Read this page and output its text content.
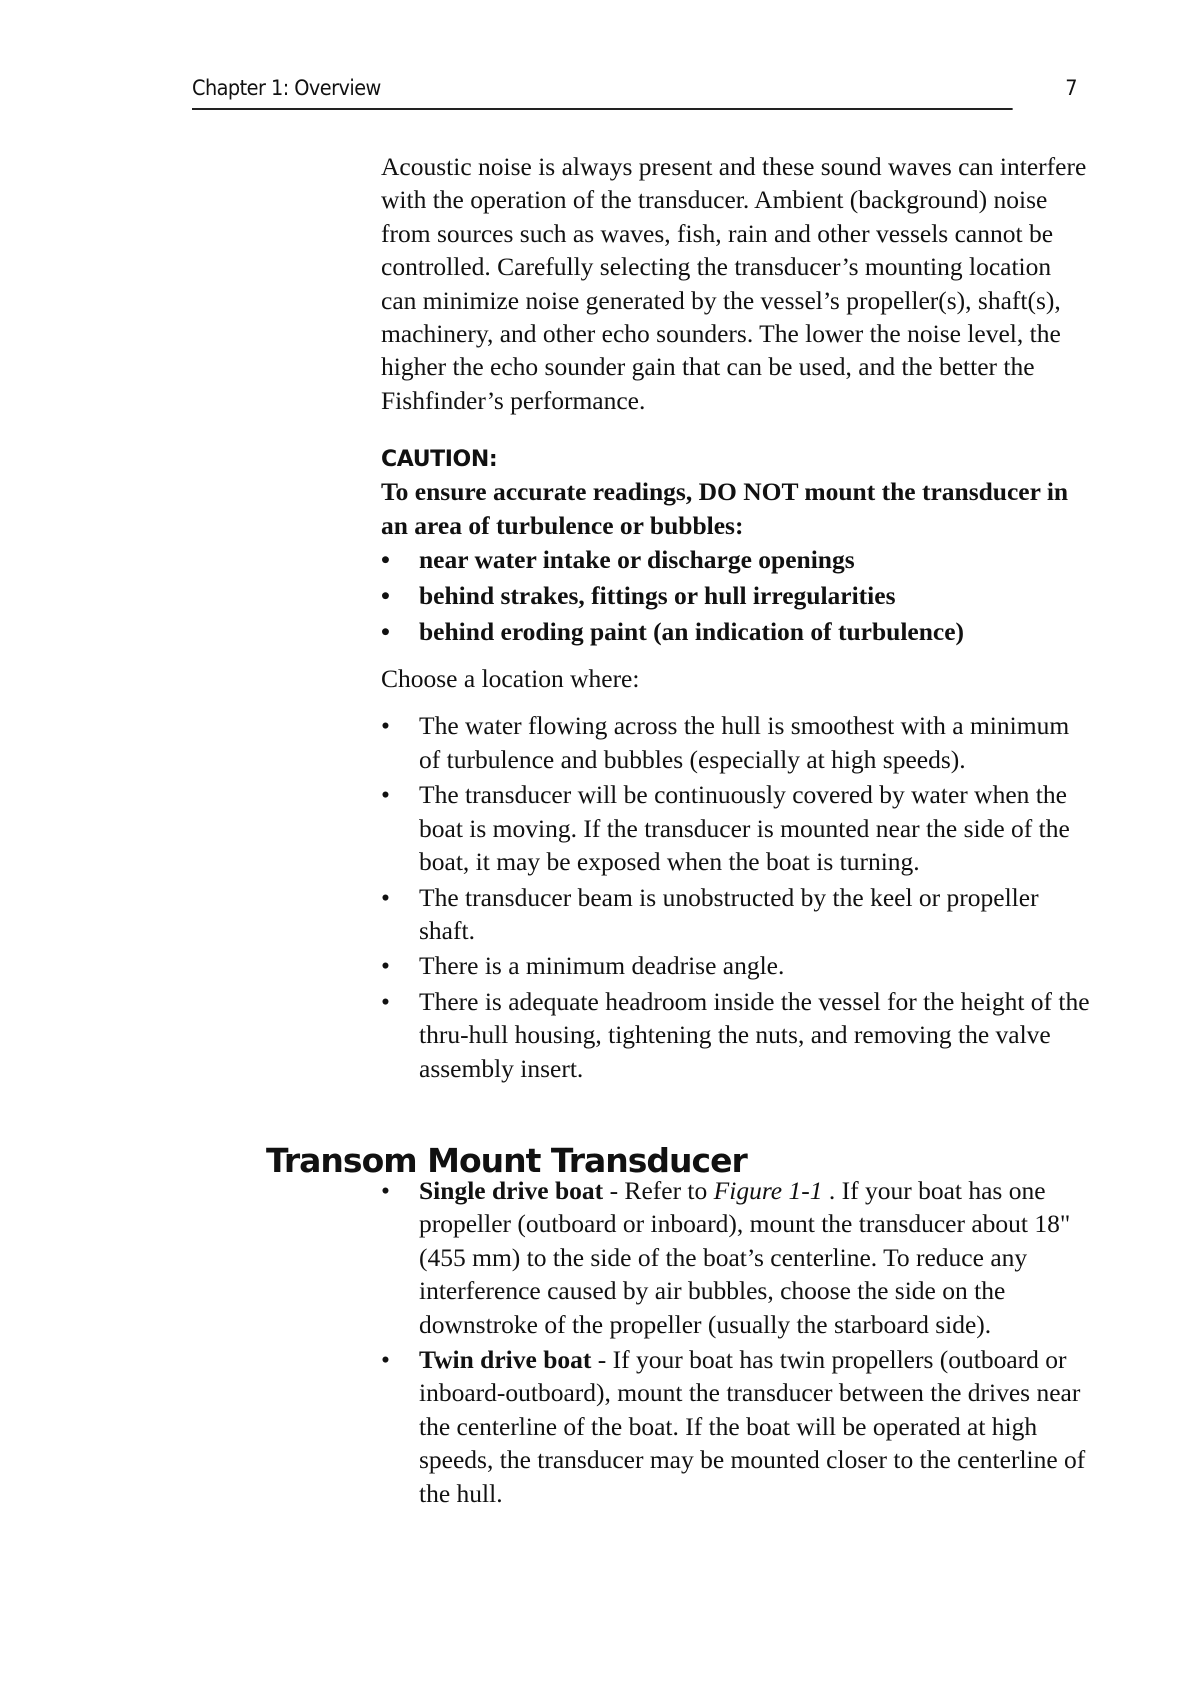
Chapter 1: Overview	7

Acoustic noise is always present and these sound waves can interfere with the operation of the transducer. Ambient (background) noise from sources such as waves, fish, rain and other vessels cannot be controlled. Carefully selecting the transducer’s mounting location can minimize noise generated by the vessel’s propeller(s), shaft(s), machinery, and other echo sounders. The lower the noise level, the higher the echo sounder gain that can be used, and the better the Fishfinder’s performance.

CAUTION:
To ensure accurate readings, DO NOT mount the transducer in an area of turbulence or bubbles:
• near water intake or discharge openings
• behind strakes, fittings or hull irregularities
• behind eroding paint (an indication of turbulence)

Choose a location where:

• The water flowing across the hull is smoothest with a minimum of turbulence and bubbles (especially at high speeds).
• The transducer will be continuously covered by water when the boat is moving. If the transducer is mounted near the side of the boat, it may be exposed when the boat is turning.
• The transducer beam is unobstructed by the keel or propeller shaft.
• There is a minimum deadrise angle.
• There is adequate headroom inside the vessel for the height of the thru-hull housing, tightening the nuts, and removing the valve assembly insert.
Transom Mount Transducer
• Single drive boat - Refer to Figure 1-1 . If your boat has one propeller (outboard or inboard), mount the transducer about 18" (455 mm) to the side of the boat’s centerline. To reduce any interference caused by air bubbles, choose the side on the downstroke of the propeller (usually the starboard side).
• Twin drive boat - If your boat has twin propellers (outboard or inboard-outboard), mount the transducer between the drives near the centerline of the boat. If the boat will be operated at high speeds, the transducer may be mounted closer to the centerline of the hull.
